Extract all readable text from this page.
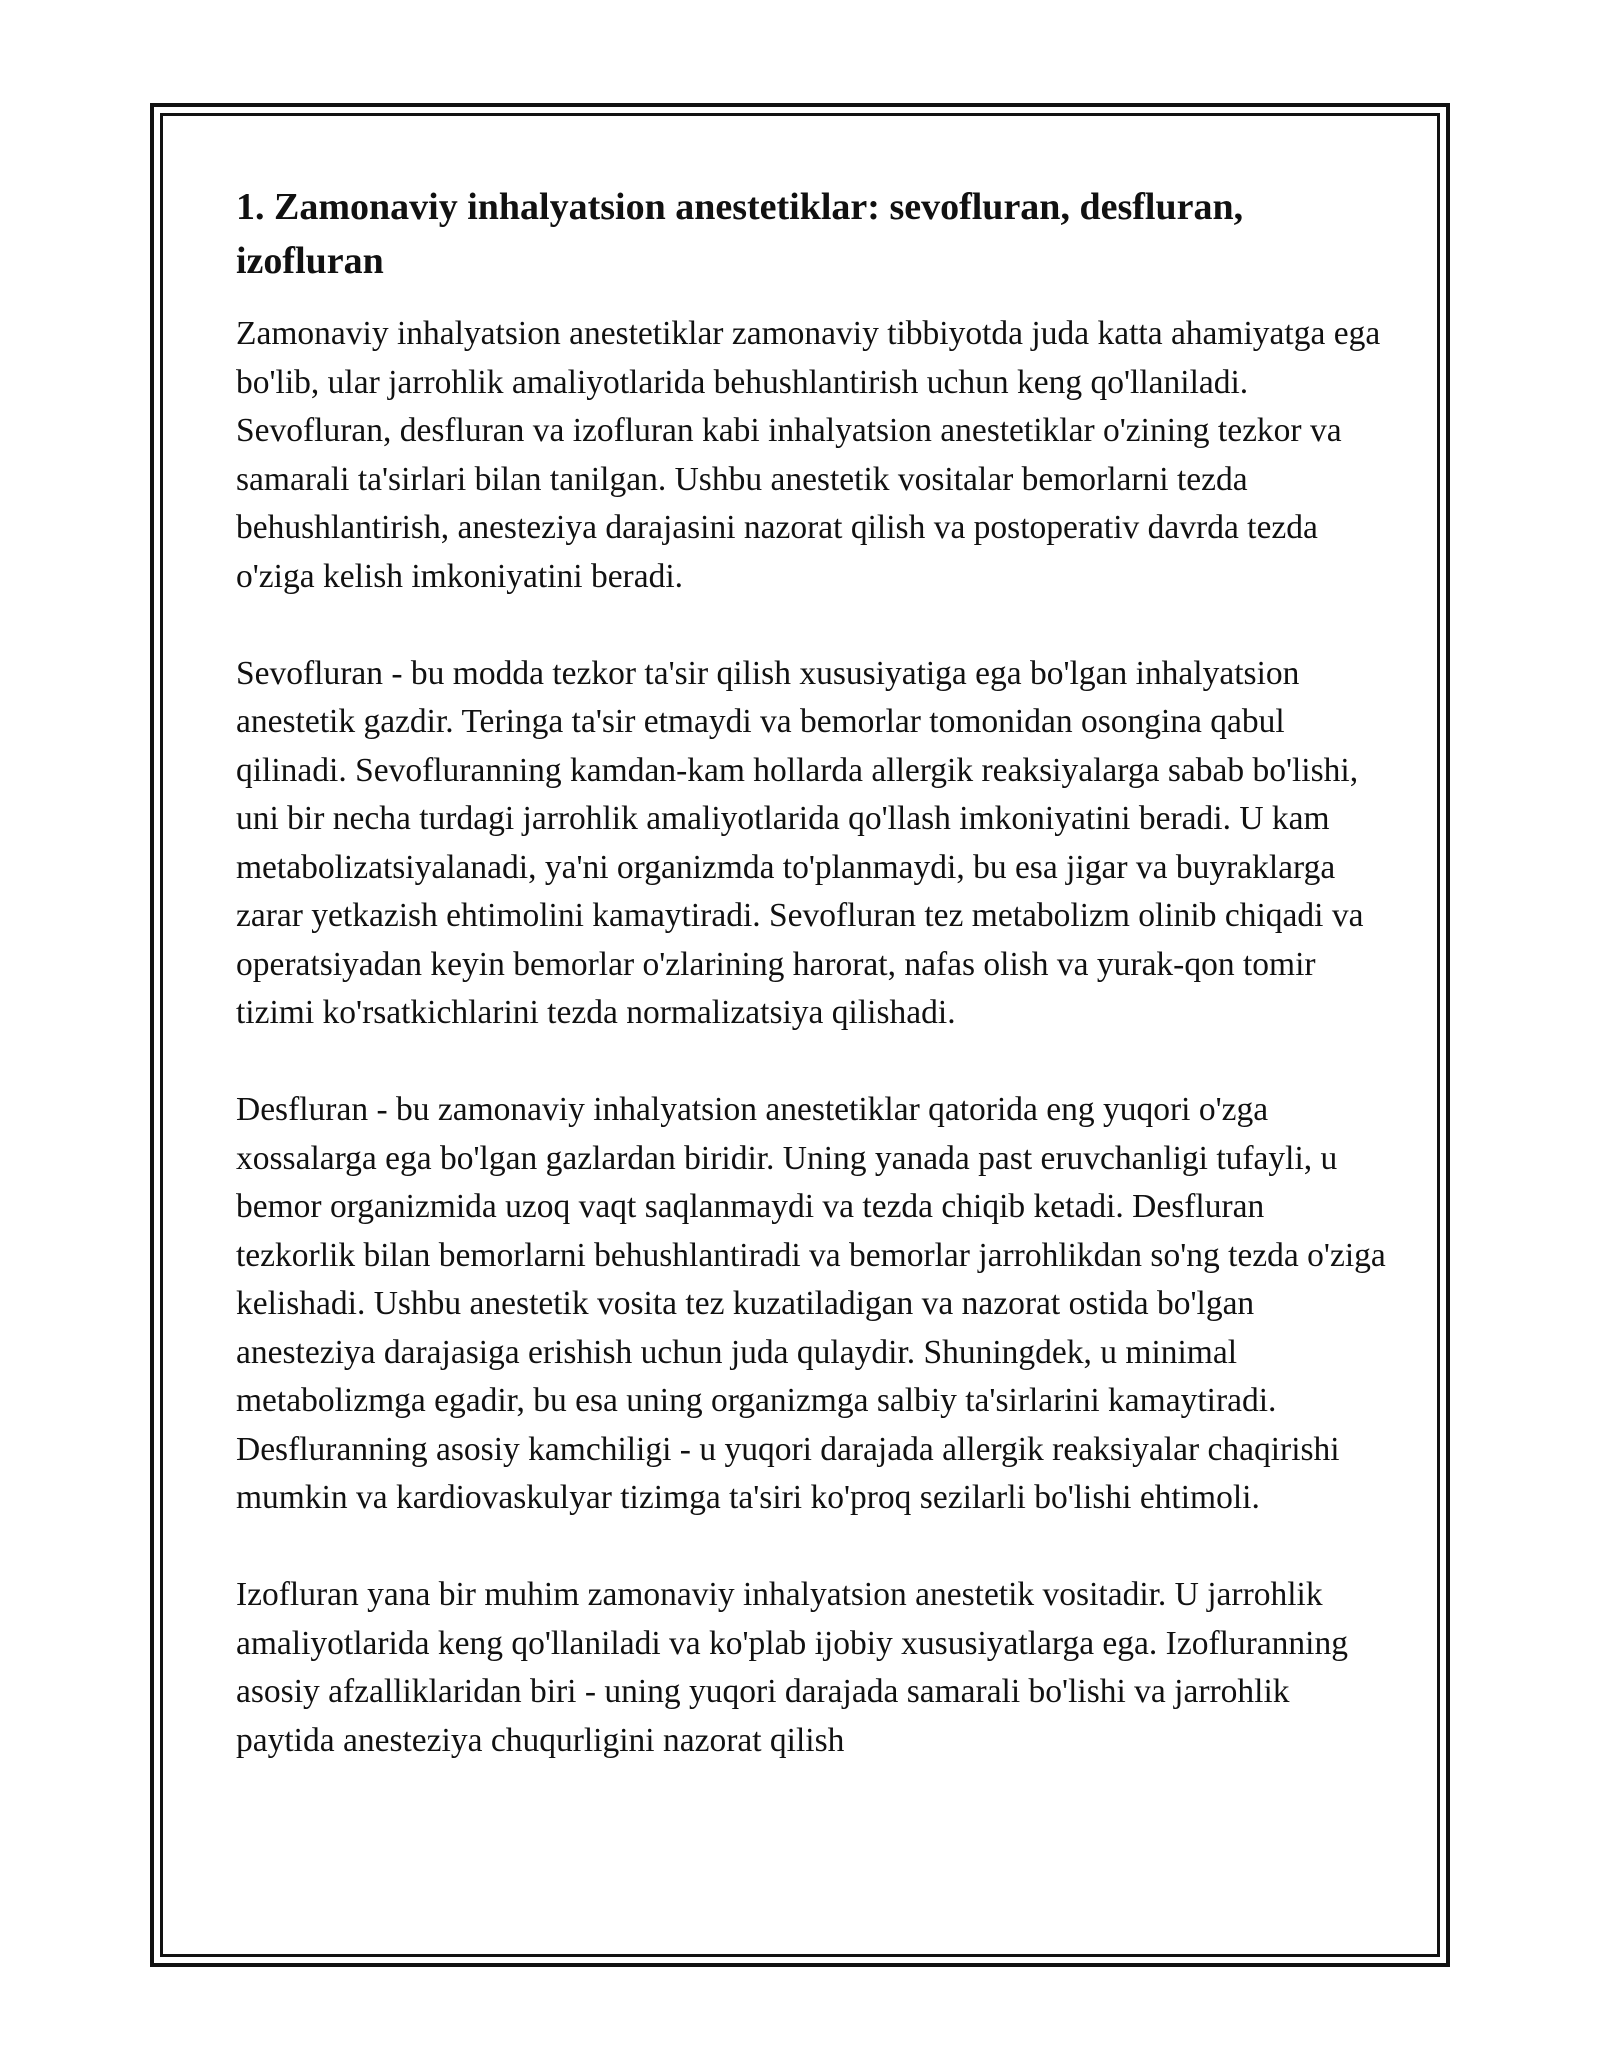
1. Zamonaviy inhalyatsion anestetiklar: sevofluran, desfluran, izofluran

Zamonaviy inhalyatsion anestetiklar zamonaviy tibbiyotda juda katta ahamiyatga ega bo'lib, ular jarrohlik amaliyotlarida behushlantirish uchun keng qo'llaniladi. Sevofluran, desfluran va izofluran kabi inhalyatsion anestetiklar o'zining tezkor va samarali ta'sirlari bilan tanilgan. Ushbu anestetik vositalar bemorlarni tezda behushlantirish, anesteziya darajasini nazorat qilish va postoperativ davrda tezda o'ziga kelish imkoniyatini beradi.

Sevofluran - bu modda tezkor ta'sir qilish xususiyatiga ega bo'lgan inhalyatsion anestetik gazdir. Teringa ta'sir etmaydi va bemorlar tomonidan osongina qabul qilinadi. Sevofluranning kamdan-kam hollarda allergik reaksiyalarga sabab bo'lishi, uni bir necha turdagi jarrohlik amaliyotlarida qo'llash imkoniyatini beradi. U kam metabolizatsiyalanadi, ya'ni organizmda to'planmaydi, bu esa jigar va buyraklarga zarar yetkazish ehtimolini kamaytiradi. Sevofluran tez metabolizm olinib chiqadi va operatsiyadan keyin bemorlar o'zlarining harorat, nafas olish va yurak-qon tomir tizimi ko'rsatkichlarini tezda normalizatsiya qilishadi.

Desfluran - bu zamonaviy inhalyatsion anestetiklar qatorida eng yuqori o'zga xossalarga ega bo'lgan gazlardan biridir. Uning yanada past eruvchanligi tufayli, u bemor organizmida uzoq vaqt saqlanmaydi va tezda chiqib ketadi. Desfluran tezkorlik bilan bemorlarni behushlantiradi va bemorlar jarrohlikdan so'ng tezda o'ziga kelishadi. Ushbu anestetik vosita tez kuzatiladigan va nazorat ostida bo'lgan anesteziya darajasiga erishish uchun juda qulaydir. Shuningdek, u minimal metabolizmga egadir, bu esa uning organizmga salbiy ta'sirlarini kamaytiradi. Desfluranning asosiy kamchiligi - u yuqori darajada allergik reaksiyalar chaqirishi mumkin va kardiovaskulyar tizimga ta'siri ko'proq sezilarli bo'lishi ehtimoli.

Izofluran yana bir muhim zamonaviy inhalyatsion anestetik vositadir. U jarrohlik amaliyotlarida keng qo'llaniladi va ko'plab ijobiy xususiyatlarga ega. Izofluranning asosiy afzalliklaridan biri - uning yuqori darajada samarali bo'lishi va jarrohlik paytida anesteziya chuqurligini nazorat qilish
